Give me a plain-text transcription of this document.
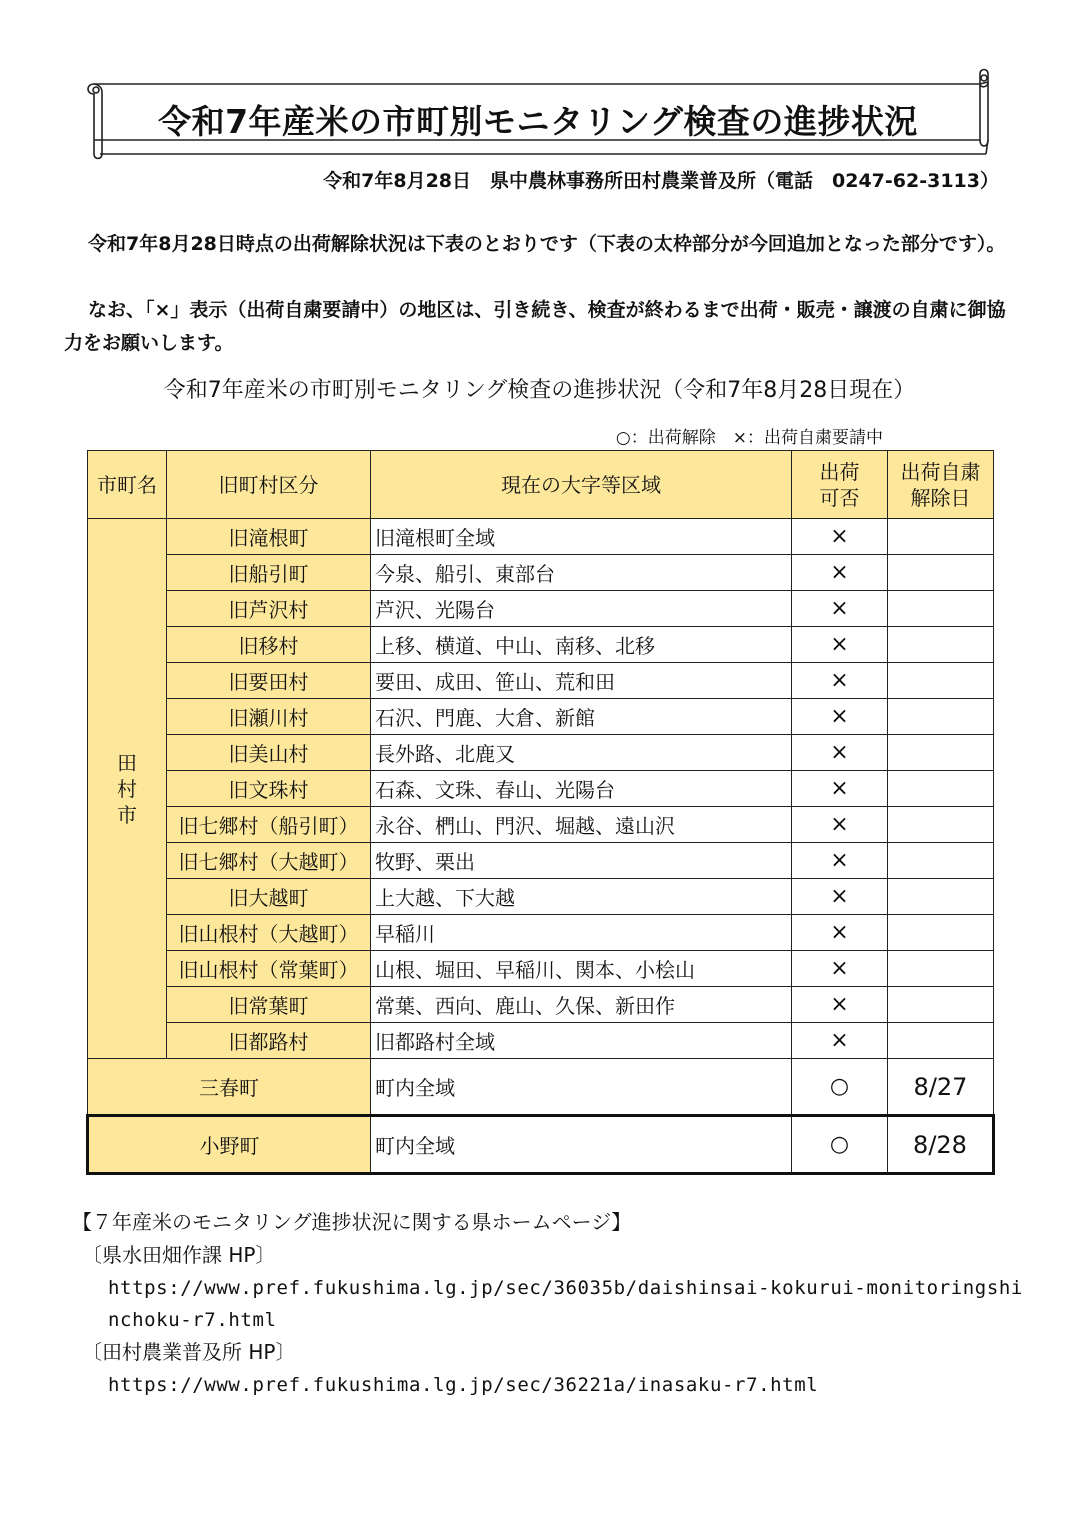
令和7年産米の市町別モニタリング検査の進捗状況
令和7年8月28日　県中農林事務所田村農業普及所（電話　0247-62-3113）
令和7年8月28日時点の出荷解除状況は下表のとおりです（下表の太枠部分が今回追加となった部分です）。
なお、「×」表示（出荷自粛要請中）の地区は、引き続き、検査が終わるまで出荷・販売・譲渡の自粛に御協力をお願いします。
令和7年産米の市町別モニタリング検査の進捗状況（令和7年8月28日現在）
○：出荷解除　×：出荷自粛要請中
市町名	旧町村区分	現在の大字等区域	出荷可否	出荷自粛解除日
田村市	旧滝根町	旧滝根町全域	×	
	旧船引町	今泉、船引、東部台	×	
	旧芦沢村	芦沢、光陽台	×	
	旧移村	上移、横道、中山、南移、北移	×	
	旧要田村	要田、成田、笹山、荒和田	×	
	旧瀬川村	石沢、門鹿、大倉、新館	×	
	旧美山村	長外路、北鹿又	×	
	旧文珠村	石森、文珠、春山、光陽台	×	
	旧七郷村（船引町）	永谷、椚山、門沢、堀越、遠山沢	×	
	旧七郷村（大越町）	牧野、栗出	×	
	旧大越町	上大越、下大越	×	
	旧山根村（大越町）	早稲川	×	
	旧山根村（常葉町）	山根、堀田、早稲川、関本、小桧山	×	
	旧常葉町	常葉、西向、鹿山、久保、新田作	×	
	旧都路村	旧都路村全域	×	
三春町		町内全域	○	8/27
小野町		町内全域	○	8/28
【７年産米のモニタリング進捗状況に関する県ホームページ】
〔県水田畑作課 HP〕
https://www.pref.fukushima.lg.jp/sec/36035b/daishinsai-kokurui-monitoringshinchoku-r7.html
〔田村農業普及所 HP〕
https://www.pref.fukushima.lg.jp/sec/36221a/inasaku-r7.html
